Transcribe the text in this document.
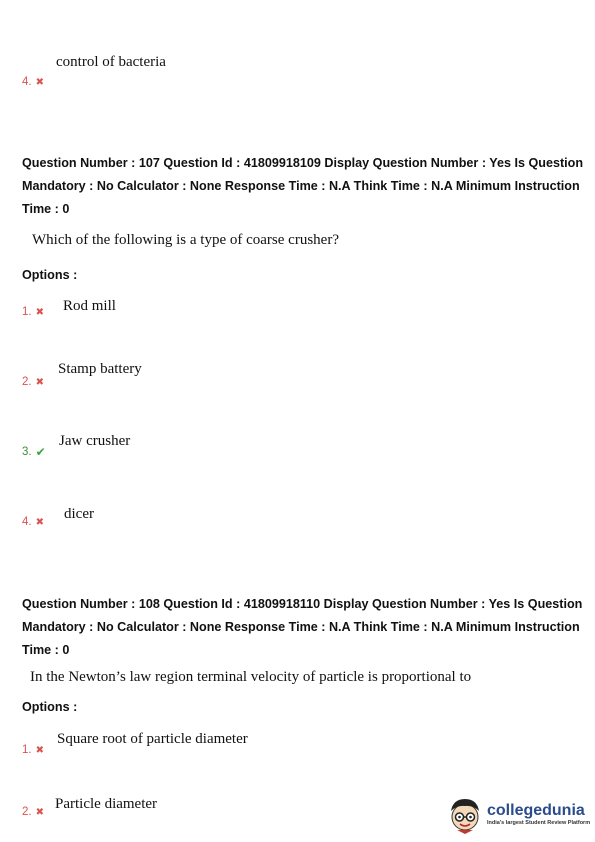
control of bacteria
4. ✖
Question Number : 107 Question Id : 41809918109 Display Question Number : Yes Is Question
Mandatory : No Calculator : None Response Time : N.A Think Time : N.A Minimum Instruction
Time : 0
Which of the following is a type of coarse crusher?
Options :
Rod mill
1. ✖
Stamp battery
2. ✖
Jaw crusher
3. ✔
dicer
4. ✖
Question Number : 108 Question Id : 41809918110 Display Question Number : Yes Is Question
Mandatory : No Calculator : None Response Time : N.A Think Time : N.A Minimum Instruction
Time : 0
In the Newton’s law region terminal velocity of particle is proportional to
Options :
Square root of particle diameter
1. ✖
Particle diameter
2. ✖	collegedunia
India's largest Student Review Platform
